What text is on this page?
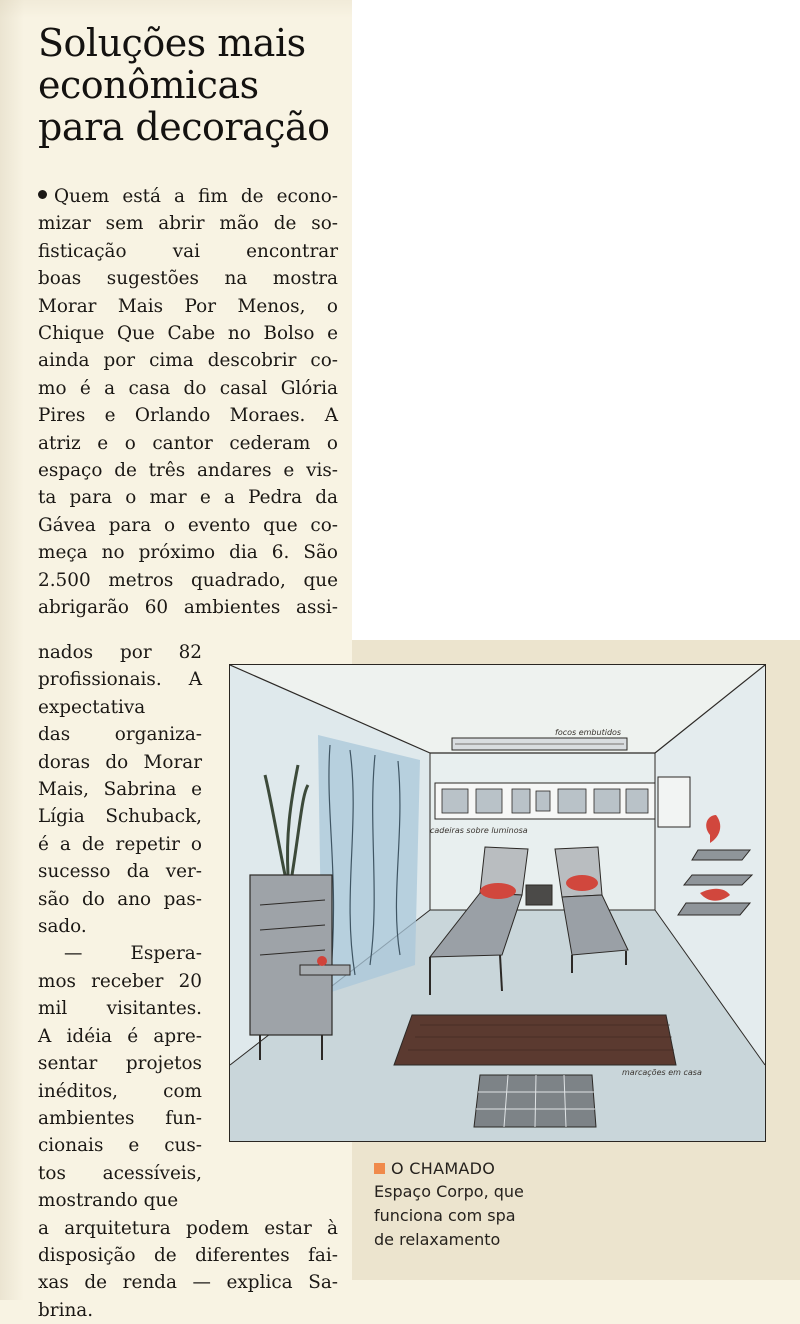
Soluções mais
econômicas
para decoração
Quem está a fim de econo-
mizar sem abrir mão de so-
fisticação vai encontrar
boas sugestões na mostra
Morar Mais Por Menos, o
Chique Que Cabe no Bolso e
ainda por cima descobrir co-
mo é a casa do casal Glória
Pires e Orlando Moraes. A
atriz e o cantor cederam o
espaço de três andares e vis-
ta para o mar e a Pedra da
Gávea para o evento que co-
meça no próximo dia 6. São
2.500 metros quadrado, que
abrigarão 60 ambientes assi-
nados por 82
profissionais. A
expectativa
das organiza-
doras do Morar
Mais, Sabrina e
Lígia Schuback,
é a de repetir o
sucesso da ver-
são do ano pas-
sado.
— Espera-
mos receber 20
mil visitantes.
A idéia é apre-
sentar projetos
inéditos, com
ambientes fun-
cionais e cus-
tos acessíveis,
mostrando que
a arquitetura podem estar à
disposição de diferentes fai-
xas de renda — explica Sa-
brina.
focos embutidos
cadeiras sobre luminosa
marcações em casa
O CHAMADO
Espaço Corpo, que
funciona com spa
de relaxamento
